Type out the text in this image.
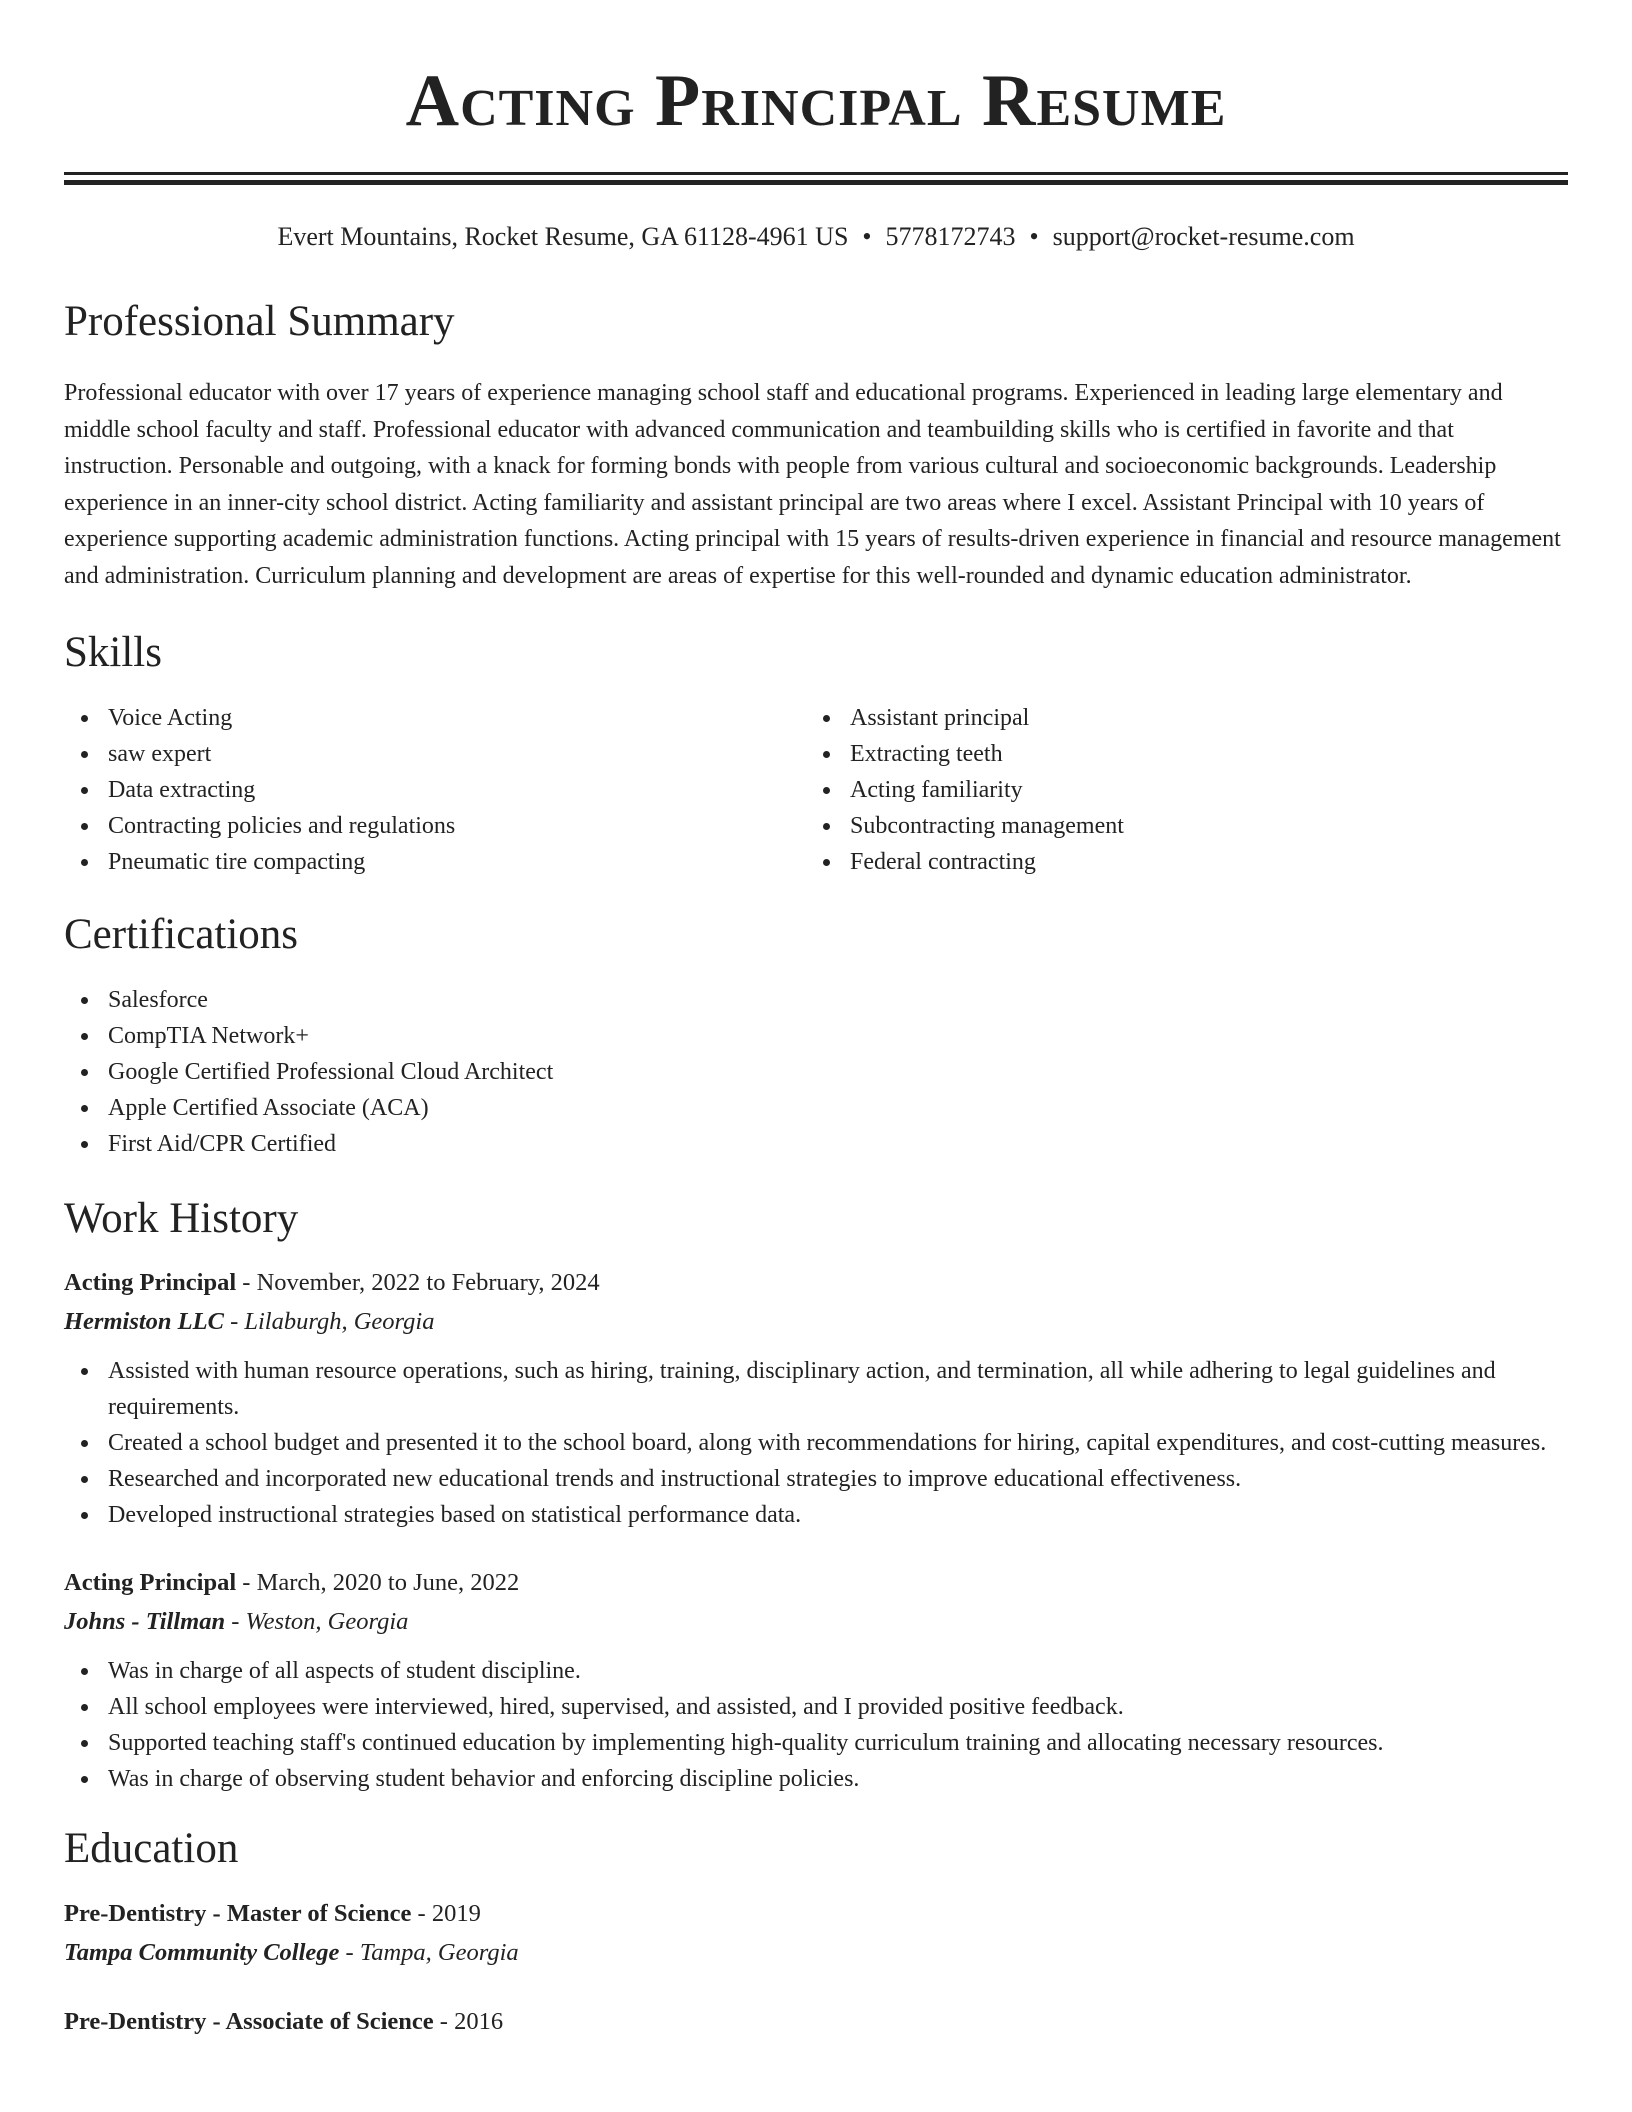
Acting Principal Resume
Evert Mountains, Rocket Resume, GA 61128-4961 US • 5778172743 • support@rocket-resume.com
Professional Summary

Professional educator with over 17 years of experience managing school staff and educational programs. Experienced in leading large elementary and middle school faculty and staff. Professional educator with advanced communication and teambuilding skills who is certified in favorite and that instruction. Personable and outgoing, with a knack for forming bonds with people from various cultural and socioeconomic backgrounds. Leadership experience in an inner-city school district. Acting familiarity and assistant principal are two areas where I excel. Assistant Principal with 10 years of experience supporting academic administration functions. Acting principal with 15 years of results-driven experience in financial and resource management and administration. Curriculum planning and development are areas of expertise for this well-rounded and dynamic education administrator.

Skills
Voice Acting
saw expert
Data extracting
Contracting policies and regulations
Pneumatic tire compacting
Assistant principal
Extracting teeth
Acting familiarity
Subcontracting management
Federal contracting
Certifications
Salesforce
CompTIA Network+
Google Certified Professional Cloud Architect
Apple Certified Associate (ACA)
First Aid/CPR Certified
Work History
Acting Principal - November, 2022 to February, 2024
Hermiston LLC - Lilaburgh, Georgia
Assisted with human resource operations, such as hiring, training, disciplinary action, and termination, all while adhering to legal guidelines and requirements.
Created a school budget and presented it to the school board, along with recommendations for hiring, capital expenditures, and cost-cutting measures.
Researched and incorporated new educational trends and instructional strategies to improve educational effectiveness.
Developed instructional strategies based on statistical performance data.
Acting Principal - March, 2020 to June, 2022
Johns - Tillman - Weston, Georgia
Was in charge of all aspects of student discipline.
All school employees were interviewed, hired, supervised, and assisted, and I provided positive feedback.
Supported teaching staff's continued education by implementing high-quality curriculum training and allocating necessary resources.
Was in charge of observing student behavior and enforcing discipline policies.
Education
Pre-Dentistry - Master of Science - 2019
Tampa Community College - Tampa, Georgia
Pre-Dentistry - Associate of Science - 2016
